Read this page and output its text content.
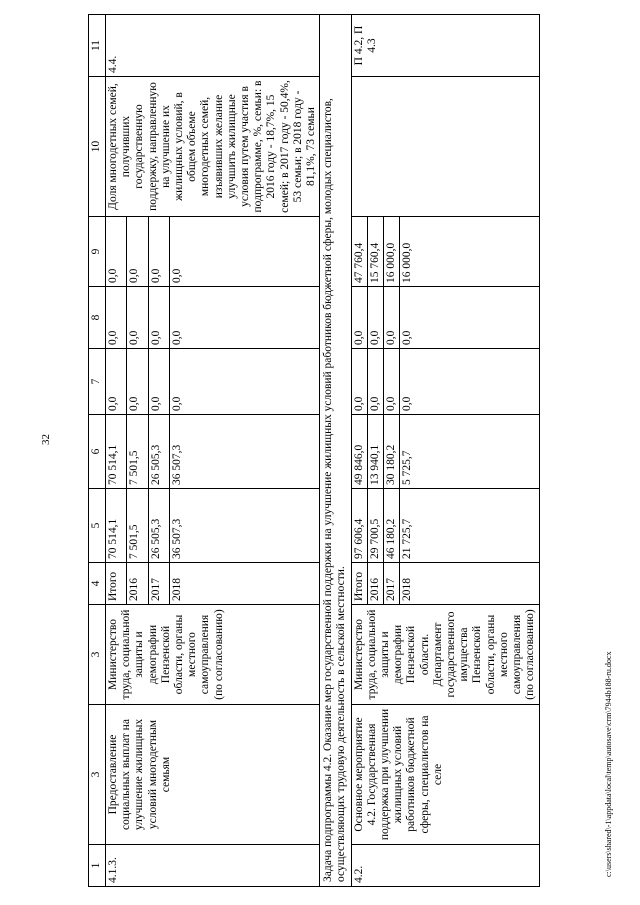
32
1	3	3	4	5	6	7	8	9	10	11
4.1.3.	Предоставление социальных выплат на улучшение жилищных условий многодетным семьям	Министерство труда, социальной защиты и демографии Пензенской области, органы местного самоуправления (по согласованию)	Итого	70 514,1	70 514,1	0,0	0,0	0,0	Доля многодетных семей, получивших государственную поддержку, направленную на улучшение их жилищных условий, в общем объеме многодетных семей, изъявивших желание улучшить жилищные условия путем участия в подпрограмме, %, семьи: в 2016 году - 18,7%, 15 семей; в 2017 году - 50,4%, 53 семьи; в 2018 году - 81,1%, 73 семьи	4.4.
			2016	7 501,5	7 501,5	0,0	0,0	0,0		
			2017	26 505,3	26 505,3	0,0	0,0	0,0		
			2018	36 507,3	36 507,3	0,0	0,0	0,0		
Задача подпрограммы 4.2. Оказание мер государственной поддержки на улучшение жилищных условий работников бюджетной сферы, молодых специалистов, осуществляющих трудовую деятельность в сельской местности.										
4.2.	Основное мероприятие 4.2. Государственная поддержка при улучшении жилищных условий работников бюджетной сферы, специалистов на селе	Министерство труда, социальной защиты и демографии Пензенской области. Департамент государственного имущества Пензенской области, органы местного самоуправления (по согласованию)	Итого	97 606,4	49 846,0	0,0	0,0	47 760,4		П 4.2, П 4.3
			2016	29 700,5	13 940,1	0,0	0,0	15 760,4		
			2017	46 180,2	30 180,2	0,0	0,0	16 000,0		
			2018	21 725,7	5 725,7	0,0	0,0	16 000,0		
c:\users\shared\-1\appdata\local\temp\autosave\crm\7944b188-ru.docx
